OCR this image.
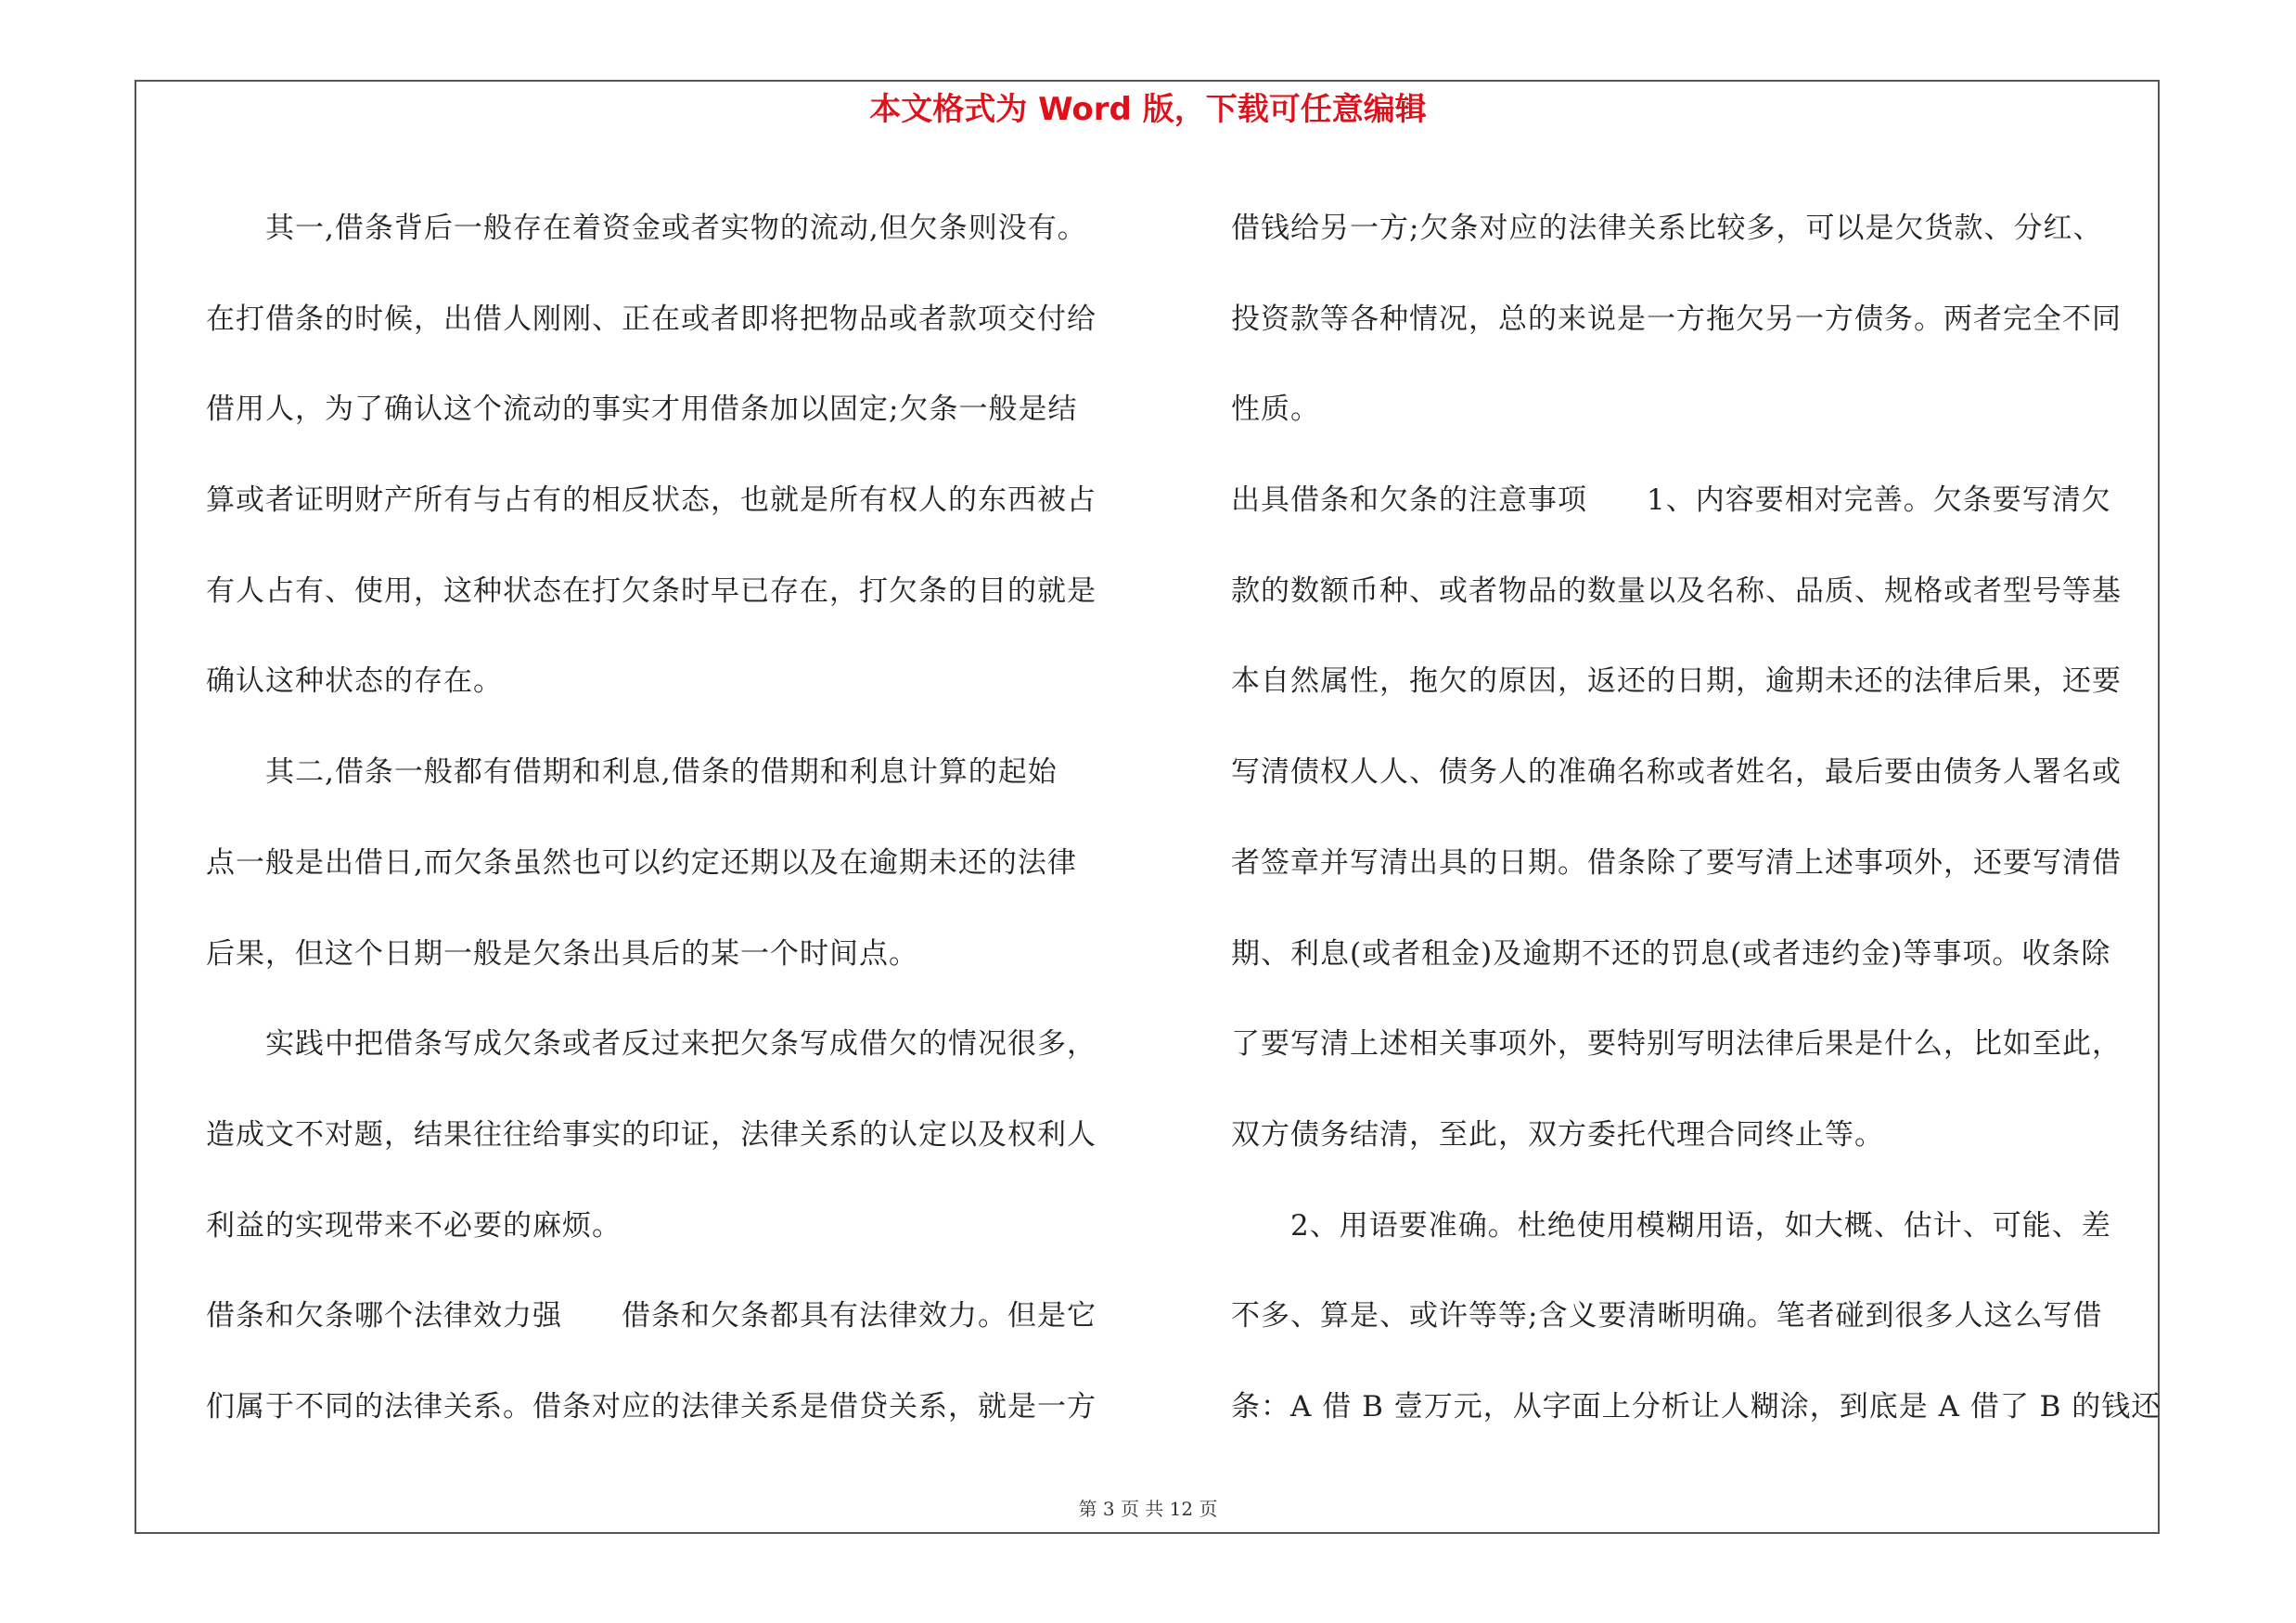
本文格式为 Word 版，下载可任意编辑
　　其一,借条背后一般存在着资金或者实物的流动,但欠条则没有。
在打借条的时候，出借人刚刚、正在或者即将把物品或者款项交付给
借用人，为了确认这个流动的事实才用借条加以固定;欠条一般是结
算或者证明财产所有与占有的相反状态，也就是所有权人的东西被占
有人占有、使用，这种状态在打欠条时早已存在，打欠条的目的就是
确认这种状态的存在。
　　其二,借条一般都有借期和利息,借条的借期和利息计算的起始
点一般是出借日,而欠条虽然也可以约定还期以及在逾期未还的法律
后果，但这个日期一般是欠条出具后的某一个时间点。
　　实践中把借条写成欠条或者反过来把欠条写成借欠的情况很多，
造成文不对题，结果往往给事实的印证，法律关系的认定以及权利人
利益的实现带来不必要的麻烦。
借条和欠条哪个法律效力强　　借条和欠条都具有法律效力。但是它
们属于不同的法律关系。借条对应的法律关系是借贷关系，就是一方
借钱给另一方;欠条对应的法律关系比较多，可以是欠货款、分红、
投资款等各种情况，总的来说是一方拖欠另一方债务。两者完全不同
性质。
出具借条和欠条的注意事项　　1、内容要相对完善。欠条要写清欠
款的数额币种、或者物品的数量以及名称、品质、规格或者型号等基
本自然属性，拖欠的原因，返还的日期，逾期未还的法律后果，还要
写清债权人人、债务人的准确名称或者姓名，最后要由债务人署名或
者签章并写清出具的日期。借条除了要写清上述事项外，还要写清借
期、利息(或者租金)及逾期不还的罚息(或者违约金)等事项。收条除
了要写清上述相关事项外，要特别写明法律后果是什么，比如至此，
双方债务结清，至此，双方委托代理合同终止等。
　　2、用语要准确。杜绝使用模糊用语，如大概、估计、可能、差
不多、算是、或许等等;含义要清晰明确。笔者碰到很多人这么写借
条：A 借 B 壹万元，从字面上分析让人糊涂，到底是 A 借了 B 的钱还
第 3 页 共 12 页
